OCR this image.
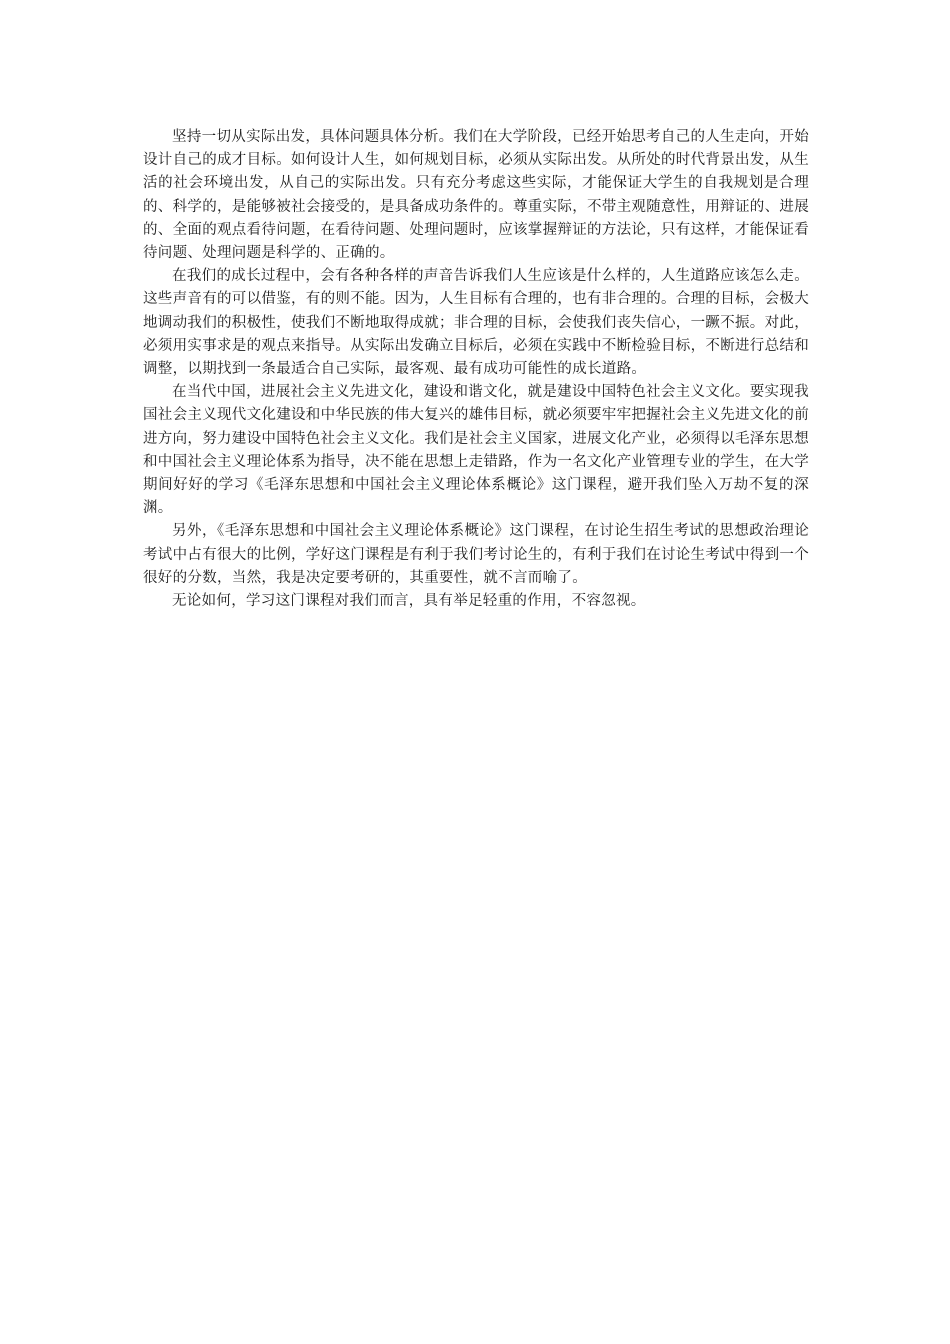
坚持一切从实际出发，具体问题具体分析。我们在大学阶段，已经开始思考自己的人生走向，开始设计自己的成才目标。如何设计人生，如何规划目标，必须从实际出发。从所处的时代背景出发，从生活的社会环境出发，从自己的实际出发。只有充分考虑这些实际，才能保证大学生的自我规划是合理的、科学的，是能够被社会接受的，是具备成功条件的。尊重实际，不带主观随意性，用辩证的、进展的、全面的观点看待问题，在看待问题、处理问题时，应该掌握辩证的方法论，只有这样，才能保证看待问题、处理问题是科学的、正确的。

在我们的成长过程中，会有各种各样的声音告诉我们人生应该是什么样的，人生道路应该怎么走。这些声音有的可以借鉴，有的则不能。因为，人生目标有合理的，也有非合理的。合理的目标，会极大地调动我们的积极性，使我们不断地取得成就；非合理的目标，会使我们丧失信心，一蹶不振。对此，必须用实事求是的观点来指导。从实际出发确立目标后，必须在实践中不断检验目标，不断进行总结和调整，以期找到一条最适合自己实际，最客观、最有成功可能性的成长道路。

在当代中国，进展社会主义先进文化，建设和谐文化，就是建设中国特色社会主义文化。要实现我国社会主义现代文化建设和中华民族的伟大复兴的雄伟目标，就必须要牢牢把握社会主义先进文化的前进方向，努力建设中国特色社会主义文化。我们是社会主义国家，进展文化产业，必须得以毛泽东思想和中国社会主义理论体系为指导，决不能在思想上走错路，作为一名文化产业管理专业的学生，在大学期间好好的学习《毛泽东思想和中国社会主义理论体系概论》这门课程，避开我们坠入万劫不复的深渊。

另外，《毛泽东思想和中国社会主义理论体系概论》这门课程，在讨论生招生考试的思想政治理论考试中占有很大的比例，学好这门课程是有利于我们考讨论生的，有利于我们在讨论生考试中得到一个很好的分数，当然，我是决定要考研的，其重要性，就不言而喻了。

无论如何，学习这门课程对我们而言，具有举足轻重的作用，不容忽视。
